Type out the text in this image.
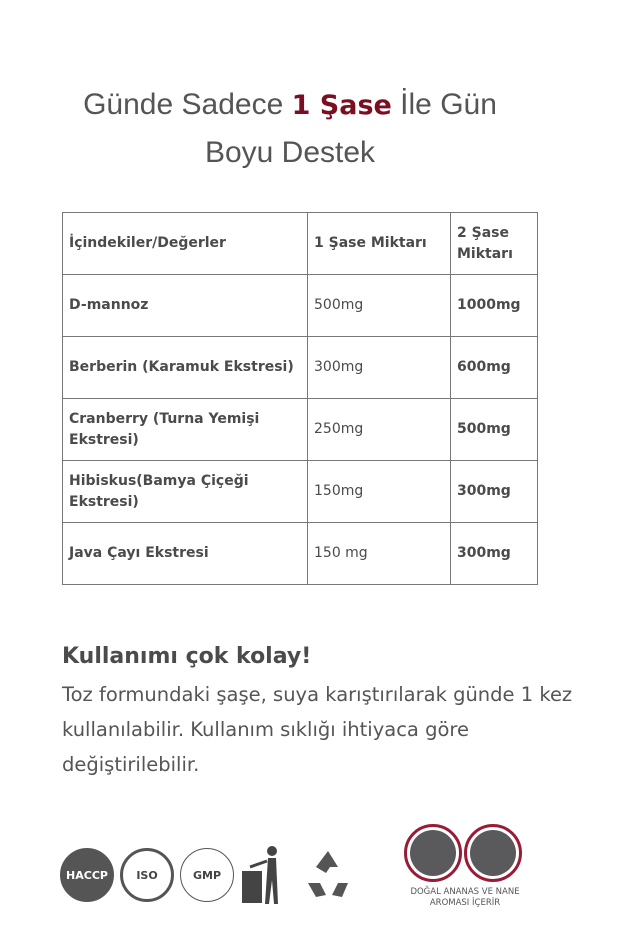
Günde Sadece 1 Şase İle Gün
Boyu Destek
İçindekiler/Değerler	1 Şase Miktarı	2 Şase Miktarı
D-mannoz	500mg	1000mg
Berberin (Karamuk Ekstresi)	300mg	600mg
Cranberry (Turna Yemişi Ekstresi)	250mg	500mg
Hibiskus(Bamya Çiçeği Ekstresi)	150mg	300mg
Java Çayı Ekstresi	150 mg	300mg
Kullanımı çok kolay!
Toz formundaki şaşe, suya karıştırılarak günde 1 kez kullanılabilir. Kullanım sıklığı ihtiyaca göre değiştirilebilir.
HACCP	ISO	GMP
DOĞAL ANANAS VE NANE AROMASI İÇERİR
